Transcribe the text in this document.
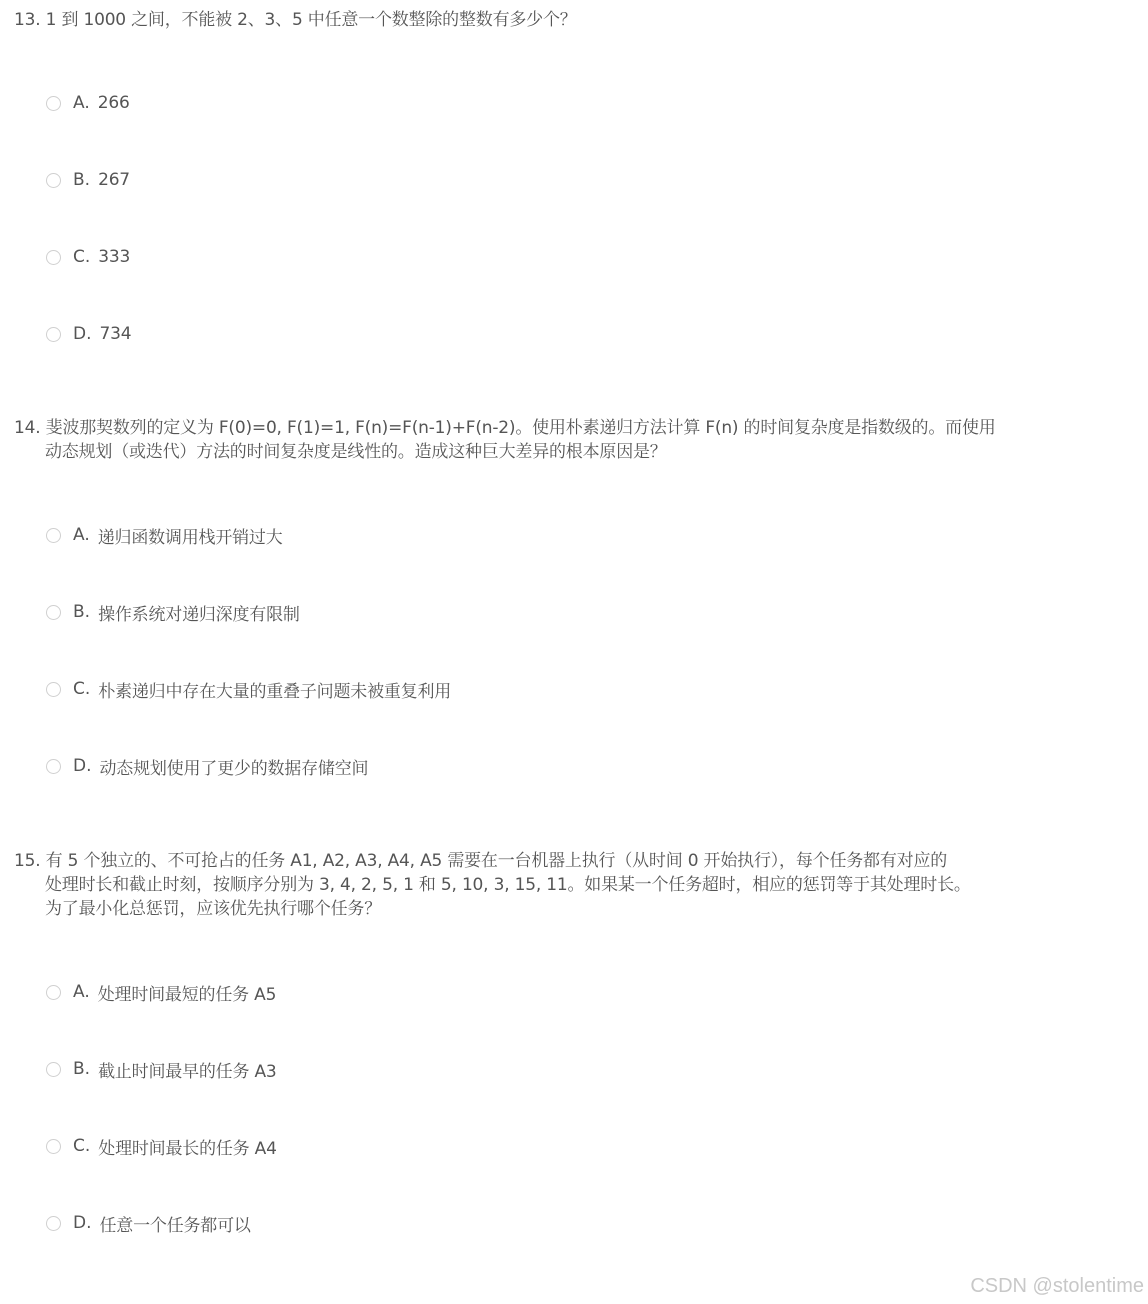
13. 1 到 1000 之间，不能被 2、3、5 中任意一个数整除的整数有多少个？
A. 266
B. 267
C. 333
D. 734
14. 斐波那契数列的定义为 F(0)=0, F(1)=1, F(n)=F(n-1)+F(n-2)。使用朴素递归方法计算 F(n) 的时间复杂度是指数级的。而使用
动态规划（或迭代）方法的时间复杂度是线性的。造成这种巨大差异的根本原因是？
A. 递归函数调用栈开销过大
B. 操作系统对递归深度有限制
C. 朴素递归中存在大量的重叠子问题未被重复利用
D. 动态规划使用了更少的数据存储空间
15. 有 5 个独立的、不可抢占的任务 A1, A2, A3, A4, A5 需要在一台机器上执行（从时间 0 开始执行），每个任务都有对应的
处理时长和截止时刻，按顺序分别为 3, 4, 2, 5, 1 和 5, 10, 3, 15, 11。如果某一个任务超时，相应的惩罚等于其处理时长。
为了最小化总惩罚，应该优先执行哪个任务？
A. 处理时间最短的任务 A5
B. 截止时间最早的任务 A3
C. 处理时间最长的任务 A4
D. 任意一个任务都可以
CSDN @stolentime
